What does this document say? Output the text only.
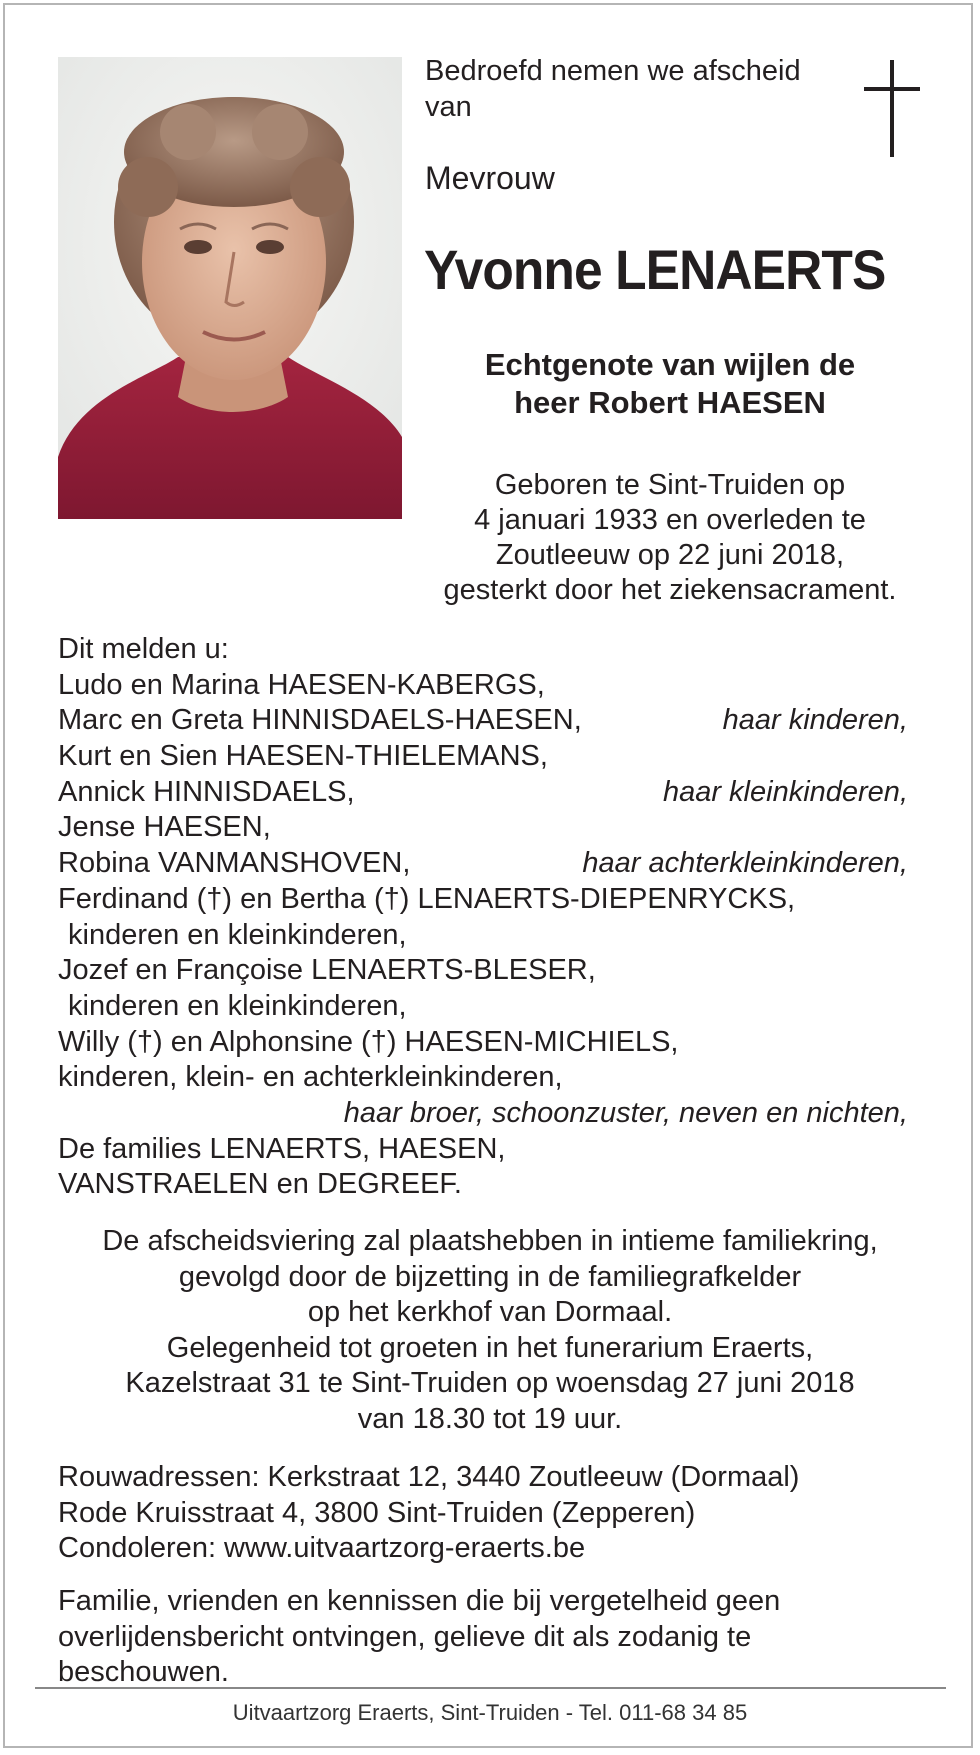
Bedroefd nemen we afscheid
van
Mevrouw
Yvonne LENAERTS
Echtgenote van wijlen de
heer Robert HAESEN
Geboren te Sint-Truiden op
4 januari 1933 en overleden te
Zoutleeuw op 22 juni 2018,
gesterkt door het ziekensacrament.
Dit melden u:
Ludo en Marina HAESEN-KABERGS,
Marc en Greta HINNISDAELS-HAESEN,	haar kinderen,
Kurt en Sien HAESEN-THIELEMANS,
Annick HINNISDAELS,	haar kleinkinderen,
Jense HAESEN,
Robina VANMANSHOVEN,	haar achterkleinkinderen,
Ferdinand (†) en Bertha (†) LENAERTS-DIEPENRYCKS,
kinderen en kleinkinderen,
Jozef en Françoise LENAERTS-BLESER,
kinderen en kleinkinderen,
Willy (†) en Alphonsine (†) HAESEN-MICHIELS,
kinderen, klein- en achterkleinkinderen,
haar broer, schoonzuster, neven en nichten,
De families LENAERTS, HAESEN,
VANSTRAELEN en DEGREEF.
De afscheidsviering zal plaatshebben in intieme familiekring,
gevolgd door de bijzetting in de familiegrafkelder
op het kerkhof van Dormaal.
Gelegenheid tot groeten in het funerarium Eraerts,
Kazelstraat 31 te Sint-Truiden op woensdag 27 juni 2018
van 18.30 tot 19 uur.
Rouwadressen: Kerkstraat 12, 3440 Zoutleeuw (Dormaal)
Rode Kruisstraat 4, 3800 Sint-Truiden (Zepperen)
Condoleren: www.uitvaartzorg-eraerts.be
Familie, vrienden en kennissen die bij vergetelheid geen
overlijdensbericht ontvingen, gelieve dit als zodanig te
beschouwen.
Uitvaartzorg Eraerts, Sint-Truiden - Tel. 011-68 34 85
